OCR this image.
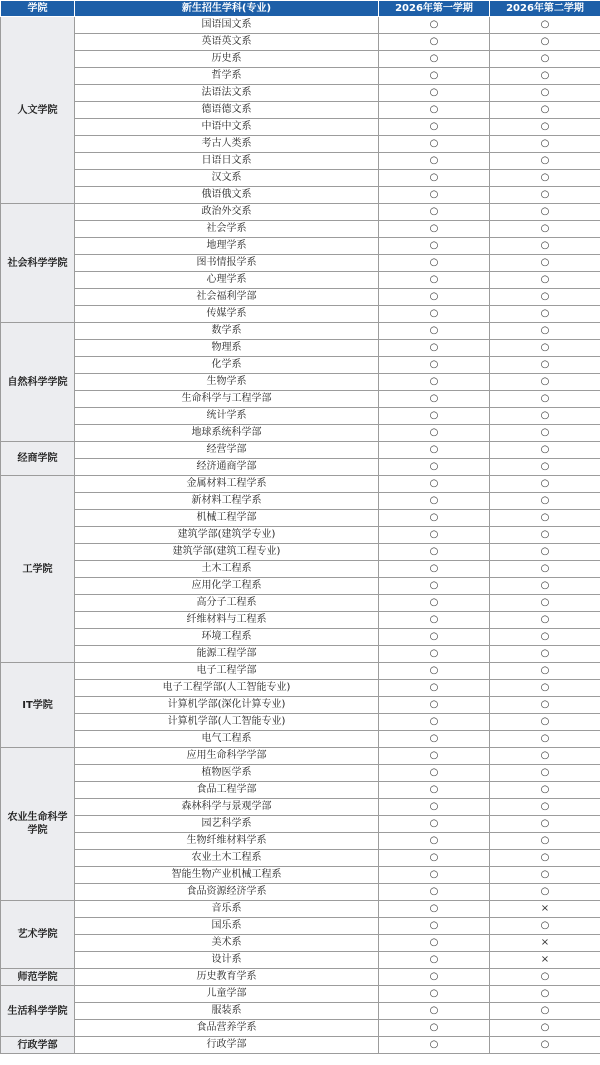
学院	新生招生学科(专业)	2026年第一学期	2026年第二学期
人文学院	国语国文系	○	○
	英语英文系	○	○
	历史系	○	○
	哲学系	○	○
	法语法文系	○	○
	德语德文系	○	○
	中语中文系	○	○
	考古人类系	○	○
	日语日文系	○	○
	汉文系	○	○
	俄语俄文系	○	○
社会科学学院	政治外交系	○	○
	社会学系	○	○
	地理学系	○	○
	图书情报学系	○	○
	心理学系	○	○
	社会福利学部	○	○
	传媒学系	○	○
自然科学学院	数学系	○	○
	物理系	○	○
	化学系	○	○
	生物学系	○	○
	生命科学与工程学部	○	○
	统计学系	○	○
	地球系统科学部	○	○
经商学院	经营学部	○	○
	经济通商学部	○	○
工学院	金属材料工程学系	○	○
	新材料工程学系	○	○
	机械工程学部	○	○
	建筑学部(建筑学专业)	○	○
	建筑学部(建筑工程专业)	○	○
	土木工程系	○	○
	应用化学工程系	○	○
	高分子工程系	○	○
	纤维材料与工程系	○	○
	环境工程系	○	○
	能源工程学部	○	○
IT学院	电子工程学部	○	○
	电子工程学部(人工智能专业)	○	○
	计算机学部(深化计算专业)	○	○
	计算机学部(人工智能专业)	○	○
	电气工程系	○	○
农业生命科学学院	应用生命科学学部	○	○
	植物医学系	○	○
	食品工程学部	○	○
	森林科学与景观学部	○	○
	园艺科学系	○	○
	生物纤维材料学系	○	○
	农业土木工程系	○	○
	智能生物产业机械工程系	○	○
	食品资源经济学系	○	○
艺术学院	音乐系	○	×
	国乐系	○	○
	美术系	○	×
	设计系	○	×
师范学院	历史教育学系	○	○
生活科学学院	儿童学部	○	○
	服装系	○	○
	食品营养学系	○	○
行政学部	行政学部	○	○
